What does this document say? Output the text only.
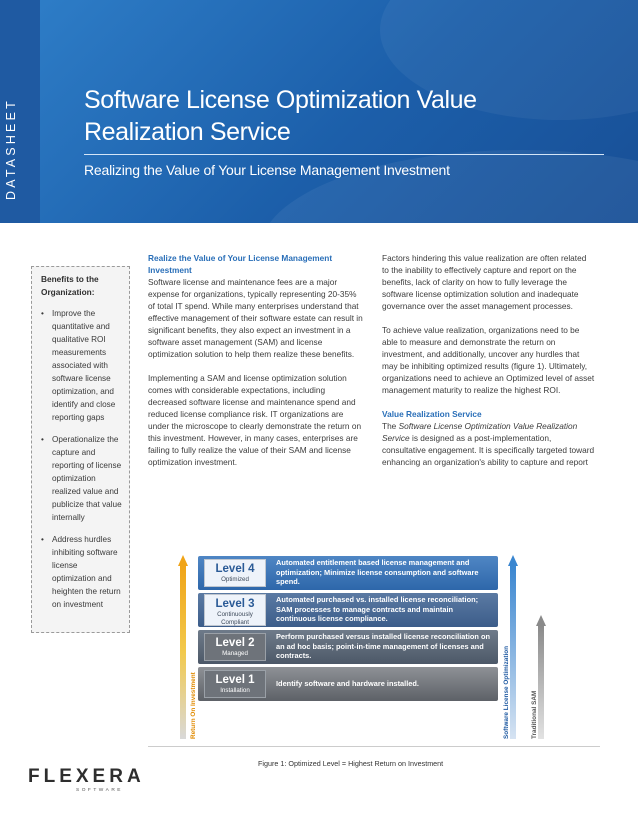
DATASHEET	Software License Optimization Value
Realization Service
Realizing the Value of Your License Management Investment
Benefits to the Organization:
• Improve the quantitative and qualitative ROI measurements associated with software license optimization, and identify and close reporting gaps
• Operationalize the capture and reporting of license optimization realized value and publicize that value internally
• Address hurdles inhibiting software license optimization and heighten the return on investment
Realize the Value of Your License Management Investment

Software license and maintenance fees are a major expense for organizations, typically representing 20-35% of total IT spend. While many enterprises understand that effective management of their software estate can result in significant benefits, they also expect an investment in a software asset management (SAM) and license optimization solution to help them realize these benefits.

Implementing a SAM and license optimization solution comes with considerable expectations, including decreased software license and maintenance spend and reduced license compliance risk. IT organizations are under the microscope to clearly demonstrate the return on this investment. However, in many cases, enterprises are failing to fully realize the value of their SAM and license optimization investment.

Factors hindering this value realization are often related to the inability to effectively capture and report on the benefits, lack of clarity on how to fully leverage the software license optimization solution and inadequate governance over the asset management processes.

To achieve value realization, organizations need to be able to measure and demonstrate the return on investment, and additionally, uncover any hurdles that may be inhibiting optimized results (figure 1). Ultimately, organizations need to achieve an Optimized level of asset management maturity to realize the highest ROI.

Value Realization Service

The Software License Optimization Value Realization Service is designed as a post-implementation, consultative engagement. It is specifically targeted toward enhancing an organization's ability to capture and report

Return On Investment
Level 4
Optimized
Automated entitlement based license management and optimization; Minimize license consumption and software spend.
Level 3
Continuously Compliant
Automated purchased vs. installed license reconciliation; SAM processes to manage contracts and maintain continuous license compliance.
Level 2
Managed
Perform purchased versus installed license reconciliation on an ad hoc basis; point-in-time management of licenses and contracts.
Level 1
Installation
Identify software and hardware installed.	Software License Optimization	Traditional SAM
Figure 1: Optimized Level = Highest Return on Investment
FLEXERA
SOFTWARE
